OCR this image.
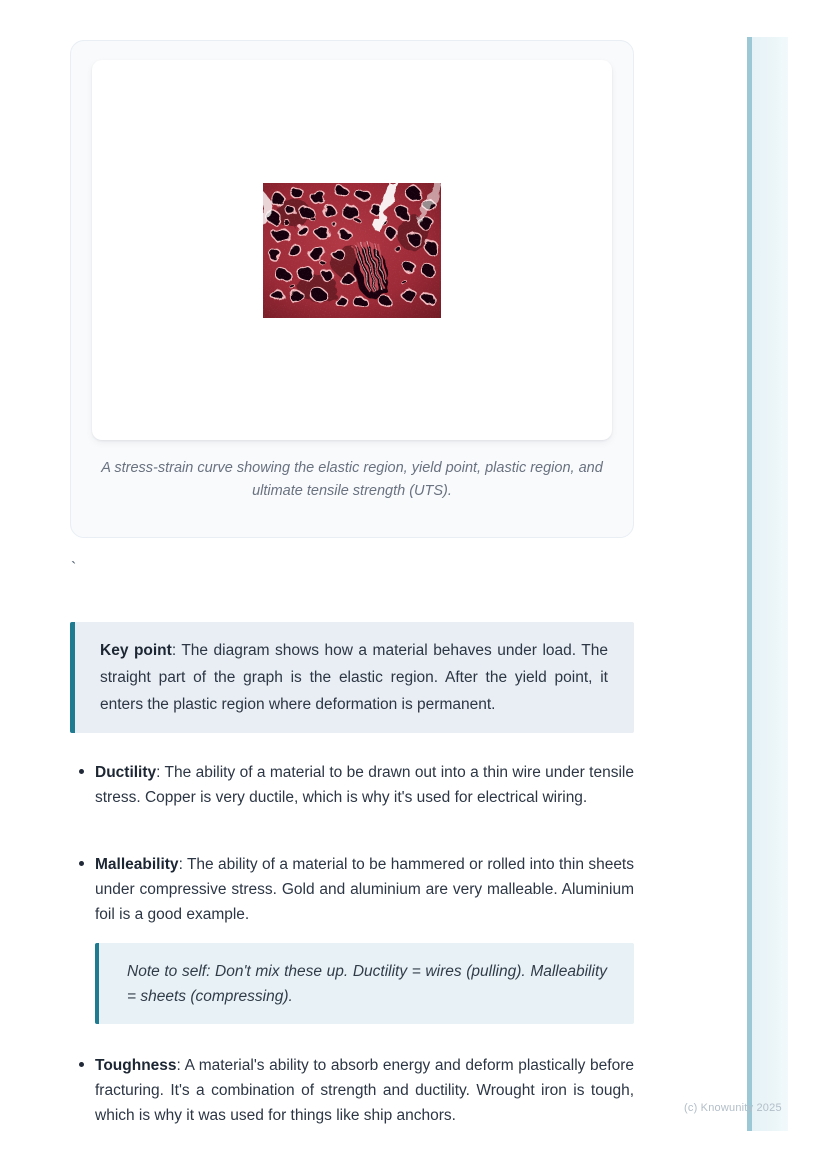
A stress-strain curve showing the elastic region, yield point, plastic region, and ultimate tensile strength (UTS).
`
Key point: The diagram shows how a material behaves under load. The straight part of the graph is the elastic region. After the yield point, it enters the plastic region where deformation is permanent.
Ductility: The ability of a material to be drawn out into a thin wire under tensile stress. Copper is very ductile, which is why it's used for electrical wiring.
Malleability: The ability of a material to be hammered or rolled into thin sheets under compressive stress. Gold and aluminium are very malleable. Aluminium foil is a good example.
Note to self: Don't mix these up. Ductility = wires (pulling). Malleability = sheets (compressing).
Toughness: A material's ability to absorb energy and deform plastically before fracturing. It's a combination of strength and ductility. Wrought iron is tough, which is why it was used for things like ship anchors.	(c) Knowunity 2025
